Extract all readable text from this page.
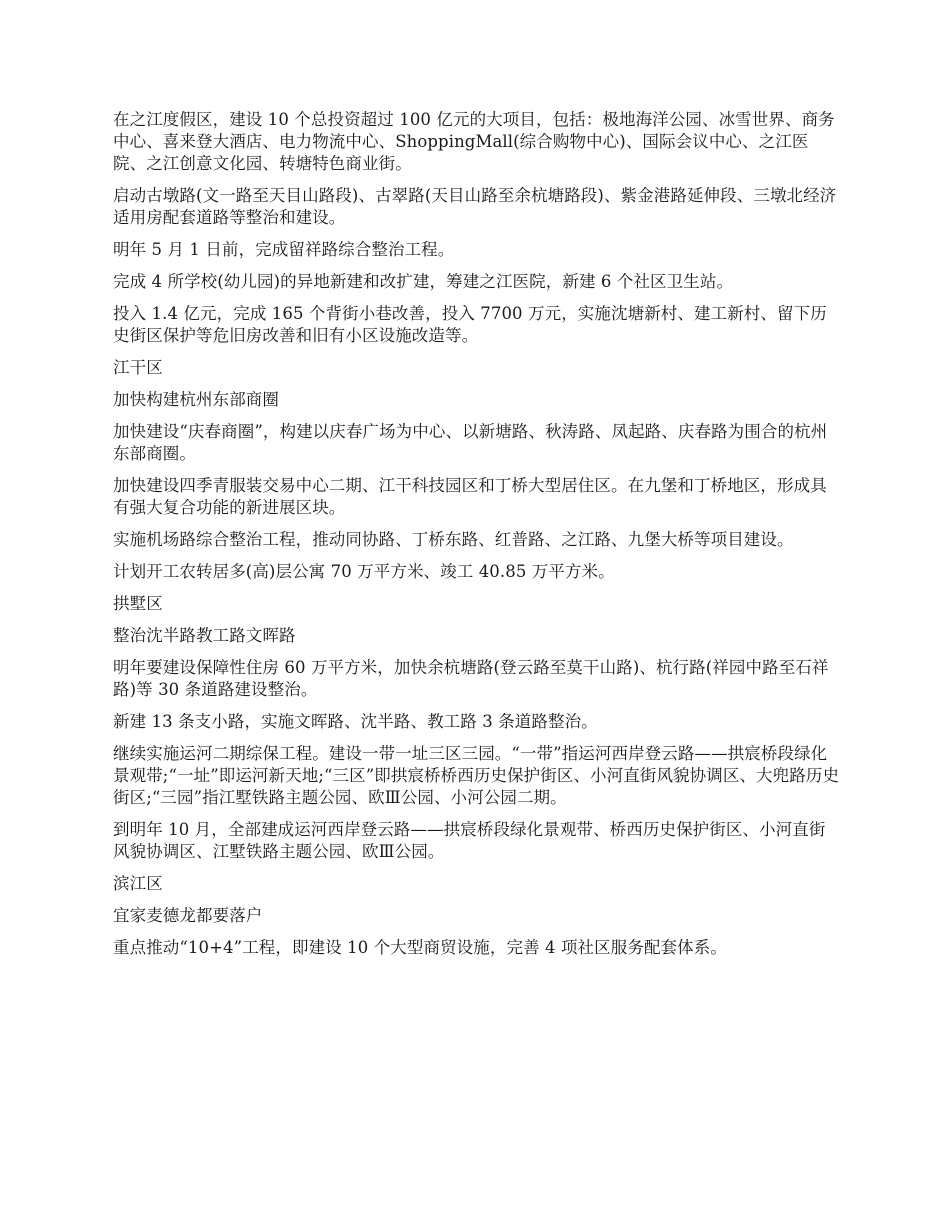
在之江度假区，建设 10 个总投资超过 100 亿元的大项目，包括：极地海洋公园、冰雪世界、商务中心、喜来登大酒店、电力物流中心、ShoppingMall(综合购物中心)、国际会议中心、之江医院、之江创意文化园、转塘特色商业街。

启动古墩路(文一路至天目山路段)、古翠路(天目山路至余杭塘路段)、紫金港路延伸段、三墩北经济适用房配套道路等整治和建设。

明年 5 月 1 日前，完成留祥路综合整治工程。

完成 4 所学校(幼儿园)的异地新建和改扩建，筹建之江医院，新建 6 个社区卫生站。

投入 1.4 亿元，完成 165 个背街小巷改善，投入 7700 万元，实施沈塘新村、建工新村、留下历史街区保护等危旧房改善和旧有小区设施改造等。

江干区

加快构建杭州东部商圈

加快建设“庆春商圈”，构建以庆春广场为中心、以新塘路、秋涛路、凤起路、庆春路为围合的杭州东部商圈。

加快建设四季青服装交易中心二期、江干科技园区和丁桥大型居住区。在九堡和丁桥地区，形成具有强大复合功能的新进展区块。

实施机场路综合整治工程，推动同协路、丁桥东路、红普路、之江路、九堡大桥等项目建设。

计划开工农转居多(高)层公寓 70 万平方米、竣工 40.85 万平方米。

拱墅区

整治沈半路教工路文晖路

明年要建设保障性住房 60 万平方米，加快余杭塘路(登云路至莫干山路)、杭行路(祥园中路至石祥路)等 30 条道路建设整治。

新建 13 条支小路，实施文晖路、沈半路、教工路 3 条道路整治。

继续实施运河二期综保工程。建设一带一址三区三园。“一带”指运河西岸登云路——拱宸桥段绿化景观带;“一址”即运河新天地;“三区”即拱宸桥桥西历史保护街区、小河直街风貌协调区、大兜路历史街区;“三园”指江墅铁路主题公园、欧Ⅲ公园、小河公园二期。

到明年 10 月，全部建成运河西岸登云路——拱宸桥段绿化景观带、桥西历史保护街区、小河直街风貌协调区、江墅铁路主题公园、欧Ⅲ公园。

滨江区

宜家麦德龙都要落户

重点推动“10+4”工程，即建设 10 个大型商贸设施，完善 4 项社区服务配套体系。
